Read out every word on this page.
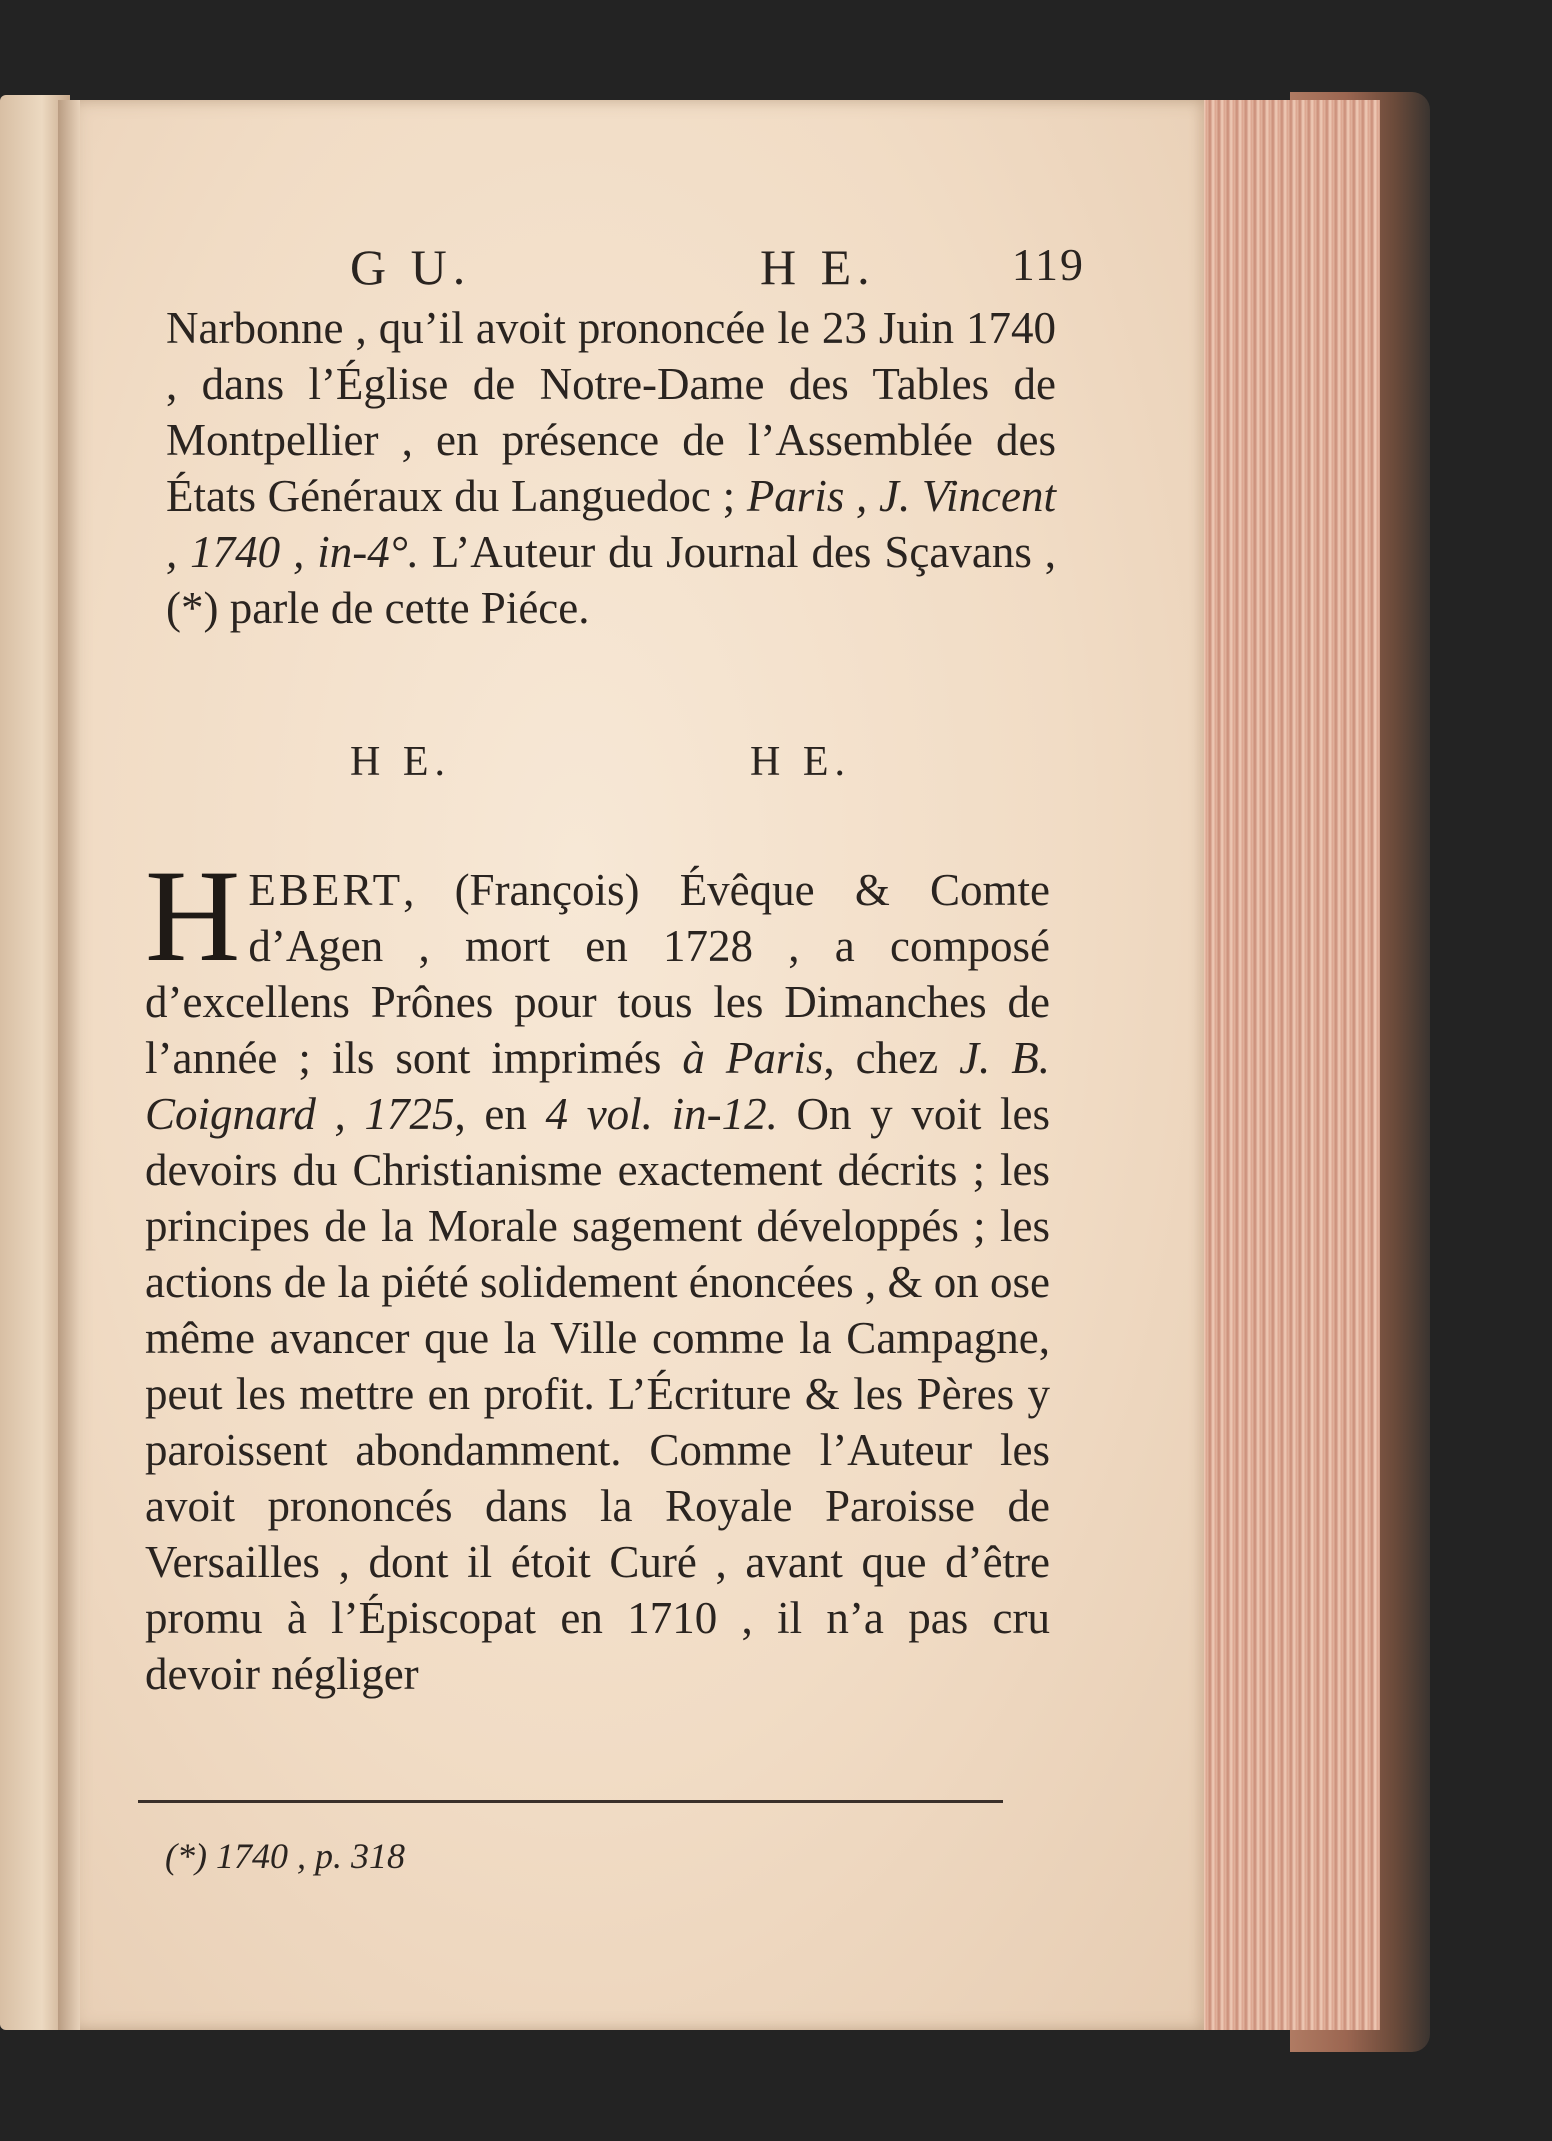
G U.	H E.	119

Narbonne , qu’il avoit prononcée le 23 Juin 1740 , dans l’Église de Notre-Dame des Tables de Montpellier , en présence de l’Assemblée des États Généraux du Languedoc ; Paris , J. Vincent , 1740 , in-4°. L’Auteur du Journal des Sçavans , (*) parle de cette Piéce.

H E.	H E.

HEBERT, (François) Évêque & Comte d’Agen , mort en 1728 , a composé d’excellens Prônes pour tous les Dimanches de l’année ; ils sont imprimés à Paris, chez J. B. Coignard , 1725, en 4 vol. in-12. On y voit les devoirs du Christianisme exactement décrits ; les principes de la Morale sagement développés ; les actions de la piété solidement énoncées , & on ose même avancer que la Ville comme la Campagne, peut les mettre en profit. L’Écriture & les Pères y paroissent abondamment. Comme l’Auteur les avoit prononcés dans la Royale Paroisse de Versailles , dont il étoit Curé , avant que d’être promu à l’Épiscopat en 1710 , il n’a pas cru devoir négliger

(*) 1740 , p. 318
